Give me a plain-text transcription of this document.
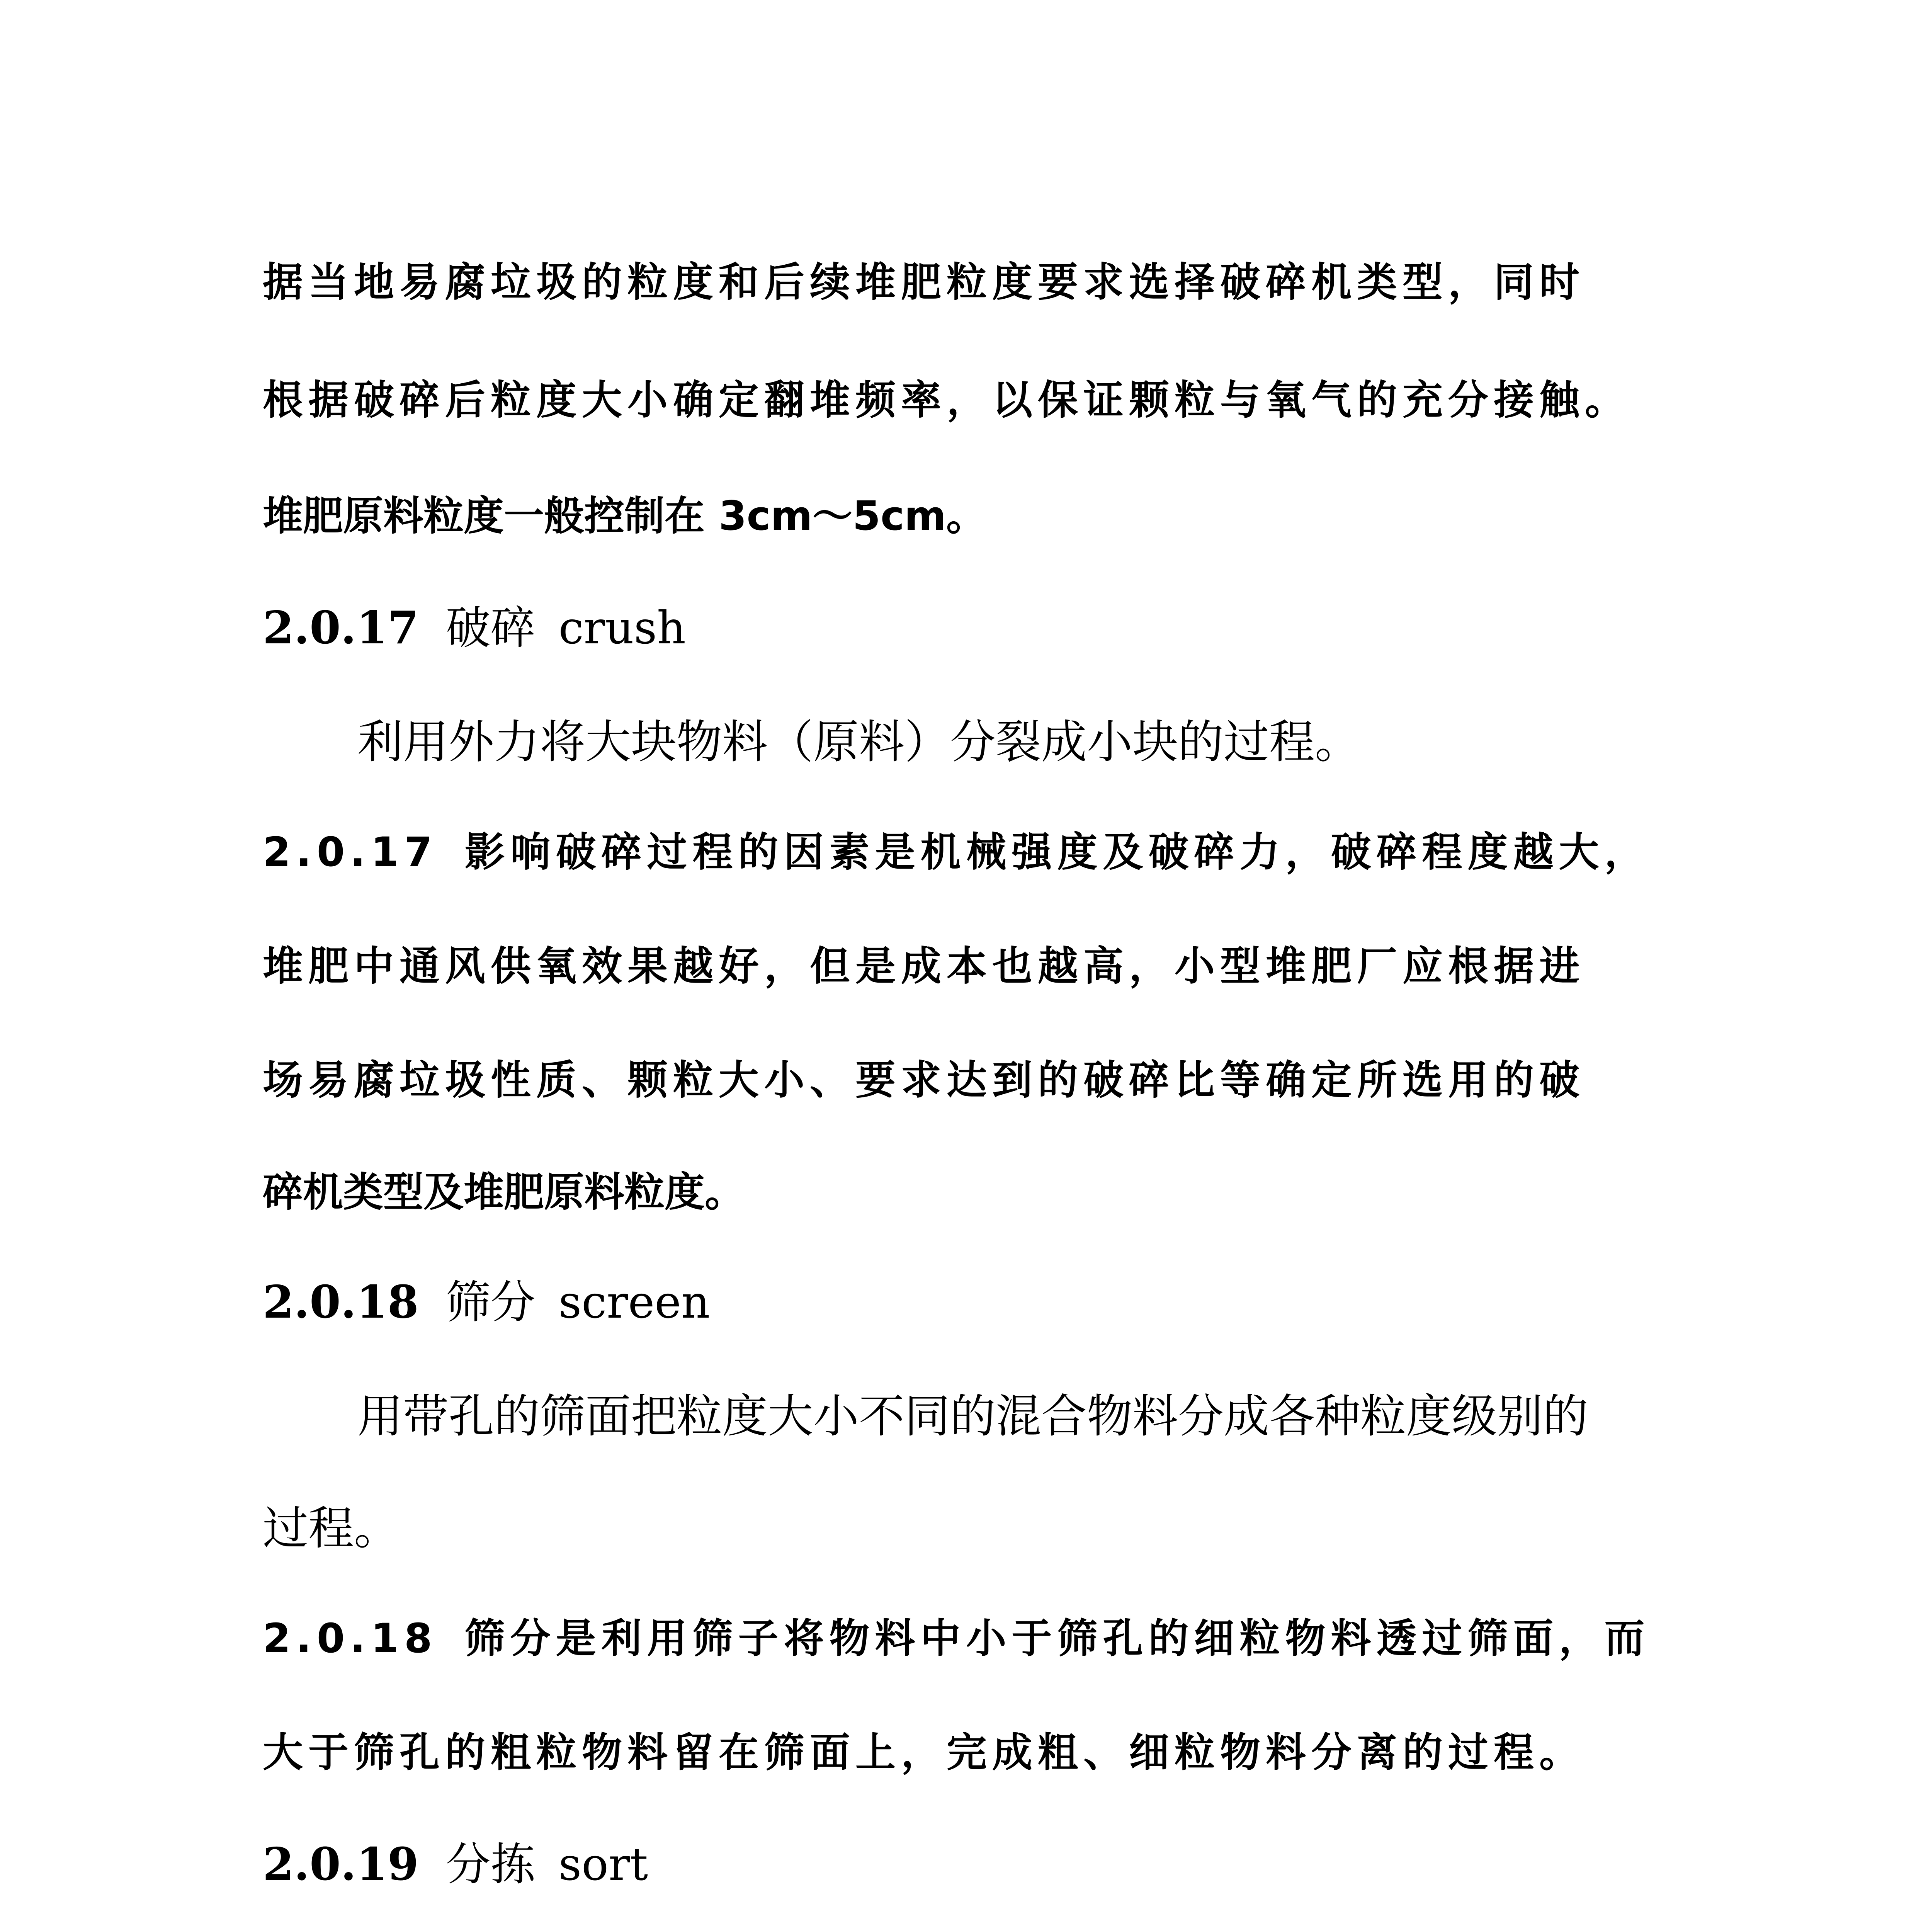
据当地易腐垃圾的粒度和后续堆肥粒度要求选择破碎机类型，同时

根据破碎后粒度大小确定翻堆频率，以保证颗粒与氧气的充分接触。

堆肥原料粒度一般控制在 3cm～5cm。

2.0.17 破碎 crush

利用外力将大块物料（原料）分裂成小块的过程。

2.0.17 影响破碎过程的因素是机械强度及破碎力，破碎程度越大，

堆肥中通风供氧效果越好，但是成本也越高，小型堆肥厂应根据进

场易腐垃圾性质、颗粒大小、要求达到的破碎比等确定所选用的破

碎机类型及堆肥原料粒度。

2.0.18 筛分 screen

用带孔的筛面把粒度大小不同的混合物料分成各种粒度级别的

过程。

2.0.18 筛分是利用筛子将物料中小于筛孔的细粒物料透过筛面，而

大于筛孔的粗粒物料留在筛面上，完成粗、细粒物料分离的过程。

2.0.19 分拣 sort
